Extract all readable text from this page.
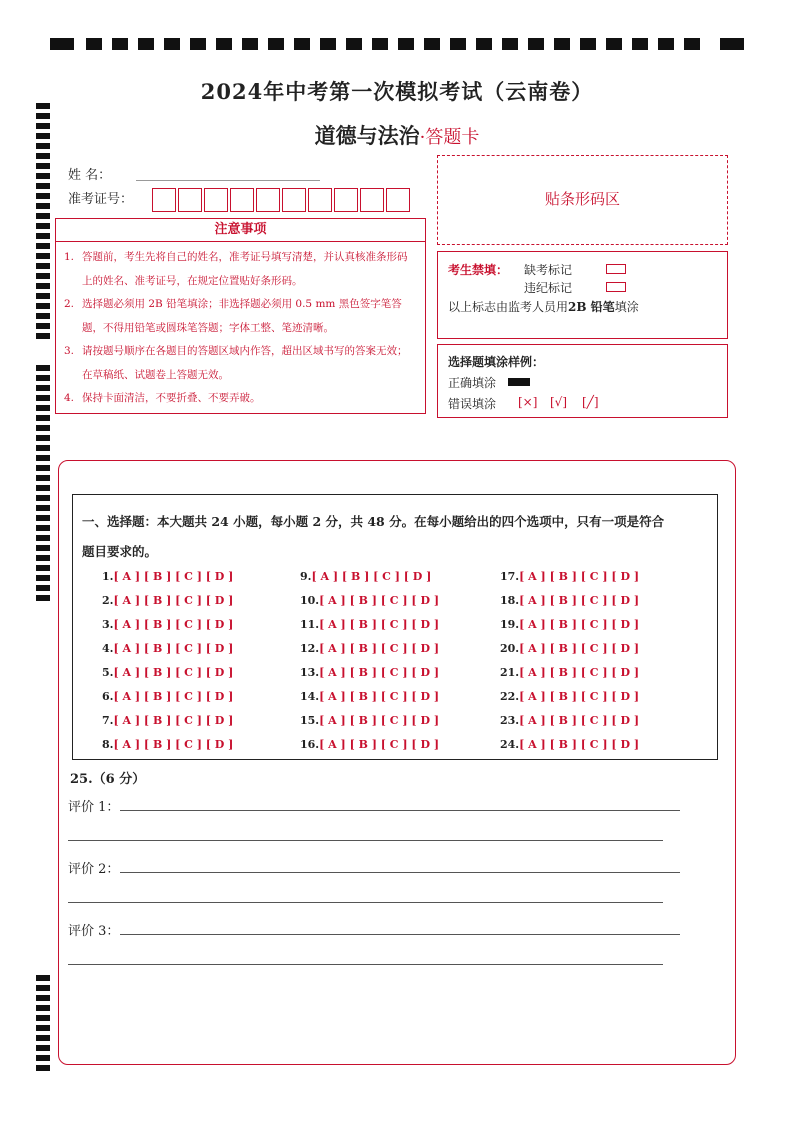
2024年中考第一次模拟考试（云南卷）
道德与法治·答题卡
姓 名：
准考证号：
注意事项
1. 答题前，考生先将自己的姓名，准考证号填写清楚，并认真核准条形码上的姓名、准考证号，在规定位置贴好条形码。
2. 选择题必须用 2B 铅笔填涂；非选择题必须用 0.5 mm 黑色签字笔答题，不得用铅笔或圆珠笔答题；字体工整、笔迹清晰。
3. 请按题号顺序在各题目的答题区域内作答，超出区域书写的答案无效；在草稿纸、试题卷上答题无效。
4. 保持卡面清洁，不要折叠、不要弄破。
贴条形码区
考生禁填： 缺考标记
违纪标记
以上标志由监考人员用2B 铅笔填涂
选择题填涂样例：
正确填涂
错误填涂 [×] [√] [╱]
一、选择题：本大题共 24 小题，每小题 2 分，共 48 分。在每小题给出的四个选项中，只有一项是符合
题目要求的。
1.[ A ] [ B ] [ C ] [ D ]
2.[ A ] [ B ] [ C ] [ D ]
3.[ A ] [ B ] [ C ] [ D ]
4.[ A ] [ B ] [ C ] [ D ]
5.[ A ] [ B ] [ C ] [ D ]
6.[ A ] [ B ] [ C ] [ D ]
7.[ A ] [ B ] [ C ] [ D ]
8.[ A ] [ B ] [ C ] [ D ]
9.[ A ] [ B ] [ C ] [ D ]
10.[ A ] [ B ] [ C ] [ D ]
11.[ A ] [ B ] [ C ] [ D ]
12.[ A ] [ B ] [ C ] [ D ]
13.[ A ] [ B ] [ C ] [ D ]
14.[ A ] [ B ] [ C ] [ D ]
15.[ A ] [ B ] [ C ] [ D ]
16.[ A ] [ B ] [ C ] [ D ]
17.[ A ] [ B ] [ C ] [ D ]
18.[ A ] [ B ] [ C ] [ D ]
19.[ A ] [ B ] [ C ] [ D ]
20.[ A ] [ B ] [ C ] [ D ]
21.[ A ] [ B ] [ C ] [ D ]
22.[ A ] [ B ] [ C ] [ D ]
23.[ A ] [ B ] [ C ] [ D ]
24.[ A ] [ B ] [ C ] [ D ]
25.（6 分）
评价 1：
评价 2：
评价 3：
